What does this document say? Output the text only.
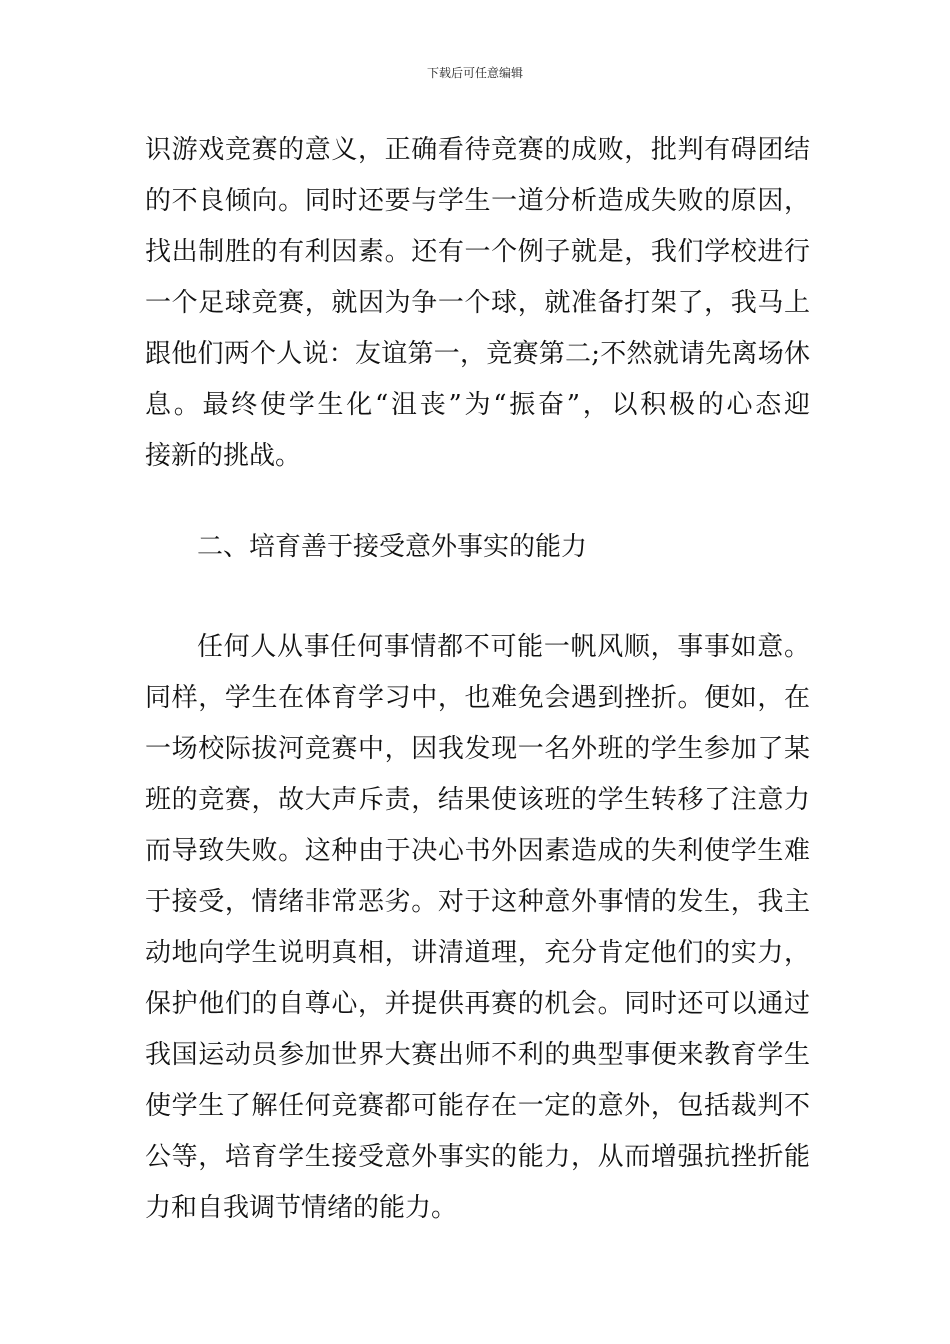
下载后可任意编辑
识游戏竞赛的意义，正确看待竞赛的成败，批判有碍团结
的不良倾向。同时还要与学生一道分析造成失败的原因，
找出制胜的有利因素。还有一个例子就是，我们学校进行
一个足球竞赛，就因为争一个球，就准备打架了，我马上
跟他们两个人说：友谊第一，竞赛第二;不然就请先离场休
息。最终使学生化“沮丧”为“振奋”，以积极的心态迎
接新的挑战。
二、培育善于接受意外事实的能力
任何人从事任何事情都不可能一帆风顺，事事如意。
同样，学生在体育学习中，也难免会遇到挫折。便如，在
一场校际拔河竞赛中，因我发现一名外班的学生参加了某
班的竞赛，故大声斥责，结果使该班的学生转移了注意力
而导致失败。这种由于决心书外因素造成的失利使学生难
于接受，情绪非常恶劣。对于这种意外事情的发生，我主
动地向学生说明真相，讲清道理，充分肯定他们的实力，
保护他们的自尊心，并提供再赛的机会。同时还可以通过
我国运动员参加世界大赛出师不利的典型事便来教育学生
使学生了解任何竞赛都可能存在一定的意外，包括裁判不
公等，培育学生接受意外事实的能力，从而增强抗挫折能
力和自我调节情绪的能力。
